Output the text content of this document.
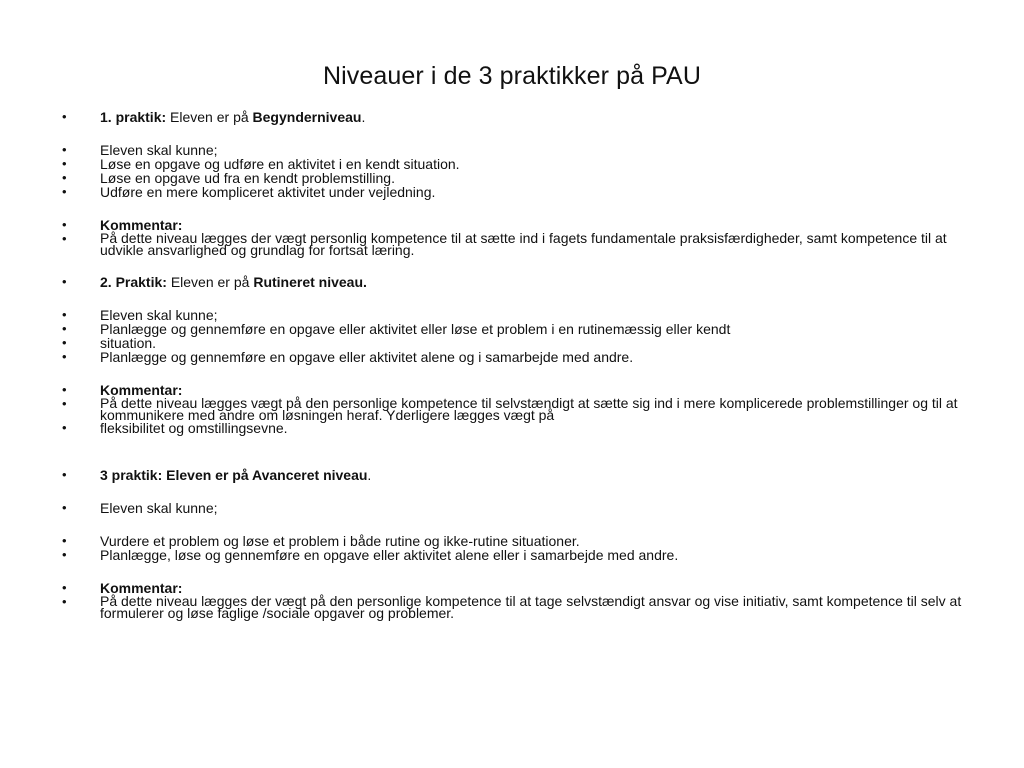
Niveauer i de 3 praktikker på PAU
• 1. praktik: Eleven er på Begynderniveau.
• Eleven skal kunne;
• Løse en opgave og udføre en aktivitet i en kendt situation.
• Løse en opgave ud fra en kendt problemstilling.
• Udføre en mere kompliceret aktivitet under vejledning.
• Kommentar:
• På dette niveau lægges der vægt personlig kompetence til at sætte ind i fagets fundamentale praksisfærdigheder, samt kompetence til at udvikle ansvarlighed og grundlag for fortsat læring.
• 2. Praktik: Eleven er på Rutineret niveau.
• Eleven skal kunne;
• Planlægge og gennemføre en opgave eller aktivitet eller løse et problem i en rutinemæssig eller kendt
• situation.
• Planlægge og gennemføre en opgave eller aktivitet alene og i samarbejde med andre.
• Kommentar:
• På dette niveau lægges vægt på den personlige kompetence til selvstændigt at sætte sig ind i mere komplicerede problemstillinger og til at kommunikere med andre om løsningen heraf. Yderligere lægges vægt på
• fleksibilitet og omstillingsevne.
• 3 praktik: Eleven er på Avanceret niveau.
• Eleven skal kunne;
• Vurdere et problem og løse et problem i både rutine og ikke-rutine situationer.
• Planlægge, løse og gennemføre en opgave eller aktivitet alene eller i samarbejde med andre.
• Kommentar:
• På dette niveau lægges der vægt på den personlige kompetence til at tage selvstændigt ansvar og vise initiativ, samt kompetence til selv at formulerer og løse faglige /sociale opgaver og problemer.
